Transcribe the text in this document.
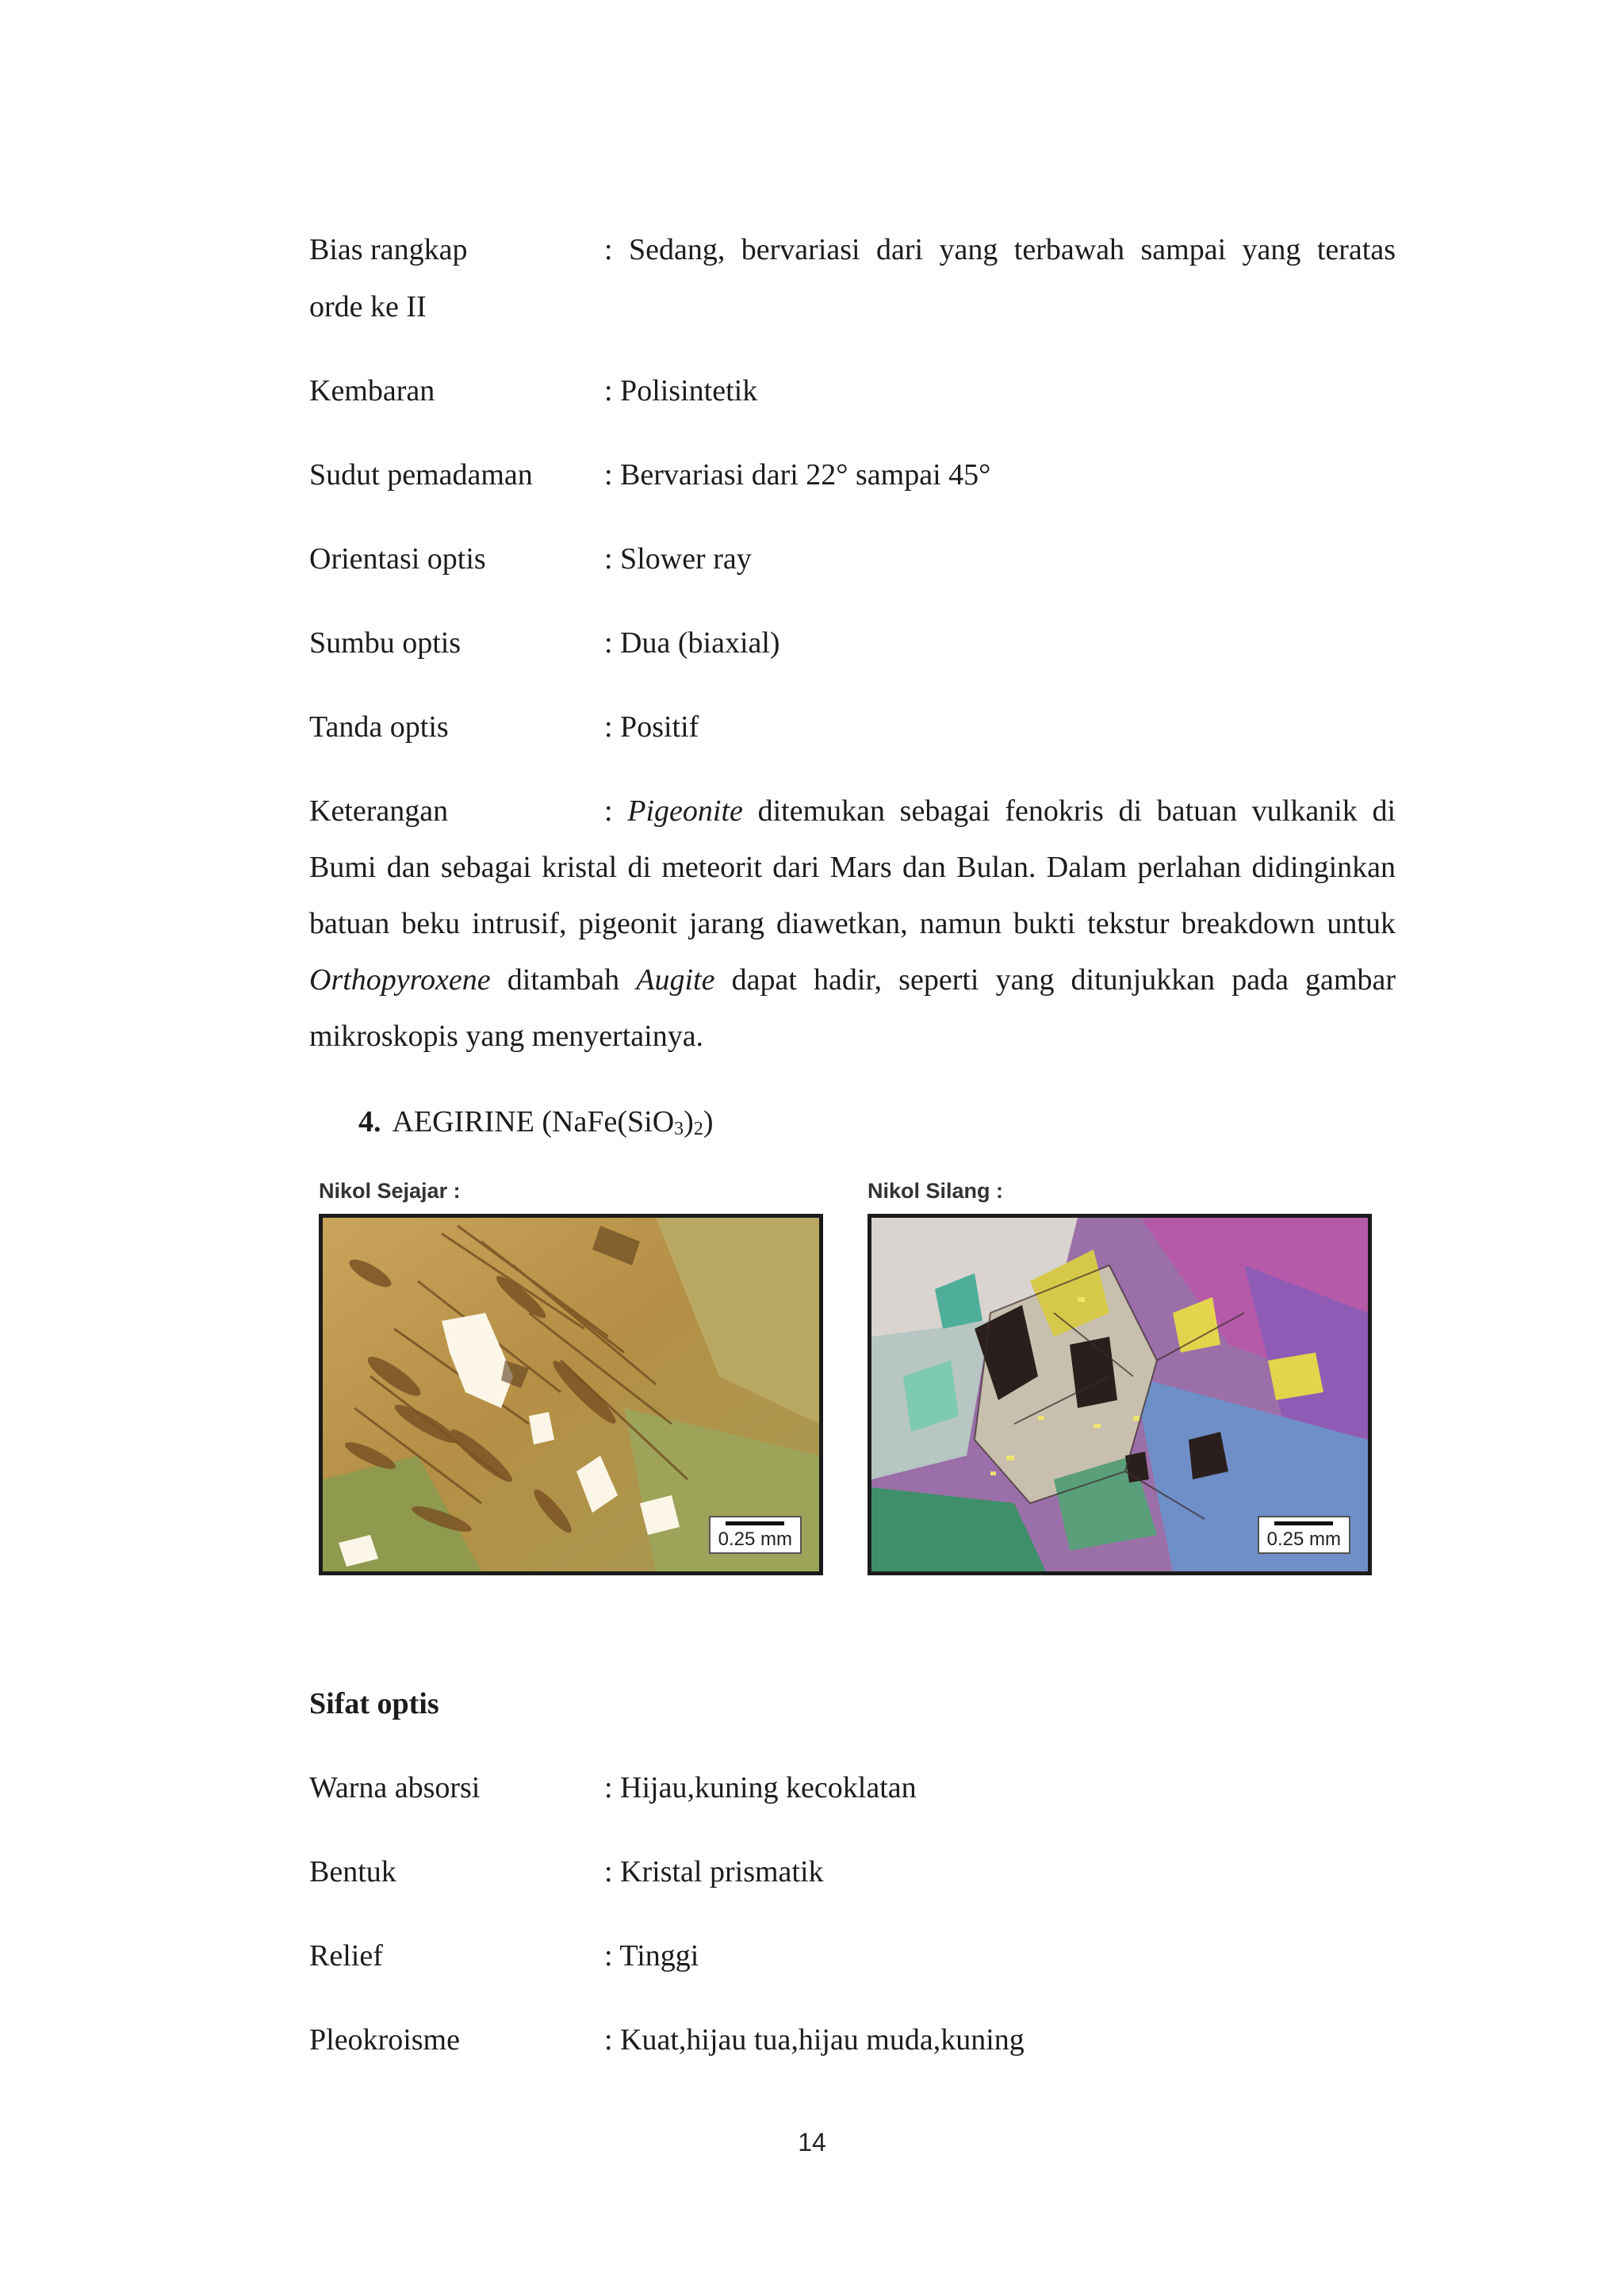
Bias rangkap	: Sedang, bervariasi dari yang terbawah sampai yang teratas
orde ke II
Kembaran	: Polisintetik
Sudut pemadaman : Bervariasi dari 22° sampai 45°
Orientasi optis	: Slower ray
Sumbu optis	: Dua (biaxial)
Tanda optis	: Positif

Keterangan	: Pigeonite ditemukan sebagai fenokris di batuan vulkanik di Bumi dan sebagai kristal di meteorit dari Mars dan Bulan. Dalam perlahan didinginkan batuan beku intrusif, pigeonit jarang diawetkan, namun bukti tekstur breakdown untuk Orthopyroxene ditambah Augite dapat hadir, seperti yang ditunjukkan pada gambar mikroskopis yang menyertainya.

4. AEGIRINE (NaFe(SiO3)2)
Nikol Sejajar :
0.25 mm
Nikol Silang :
0.25 mm
Sifat optis
Warna absorsi	: Hijau,kuning kecoklatan
Bentuk	: Kristal prismatik
Relief	: Tinggi
Pleokroisme	: Kuat,hijau tua,hijau muda,kuning
14
